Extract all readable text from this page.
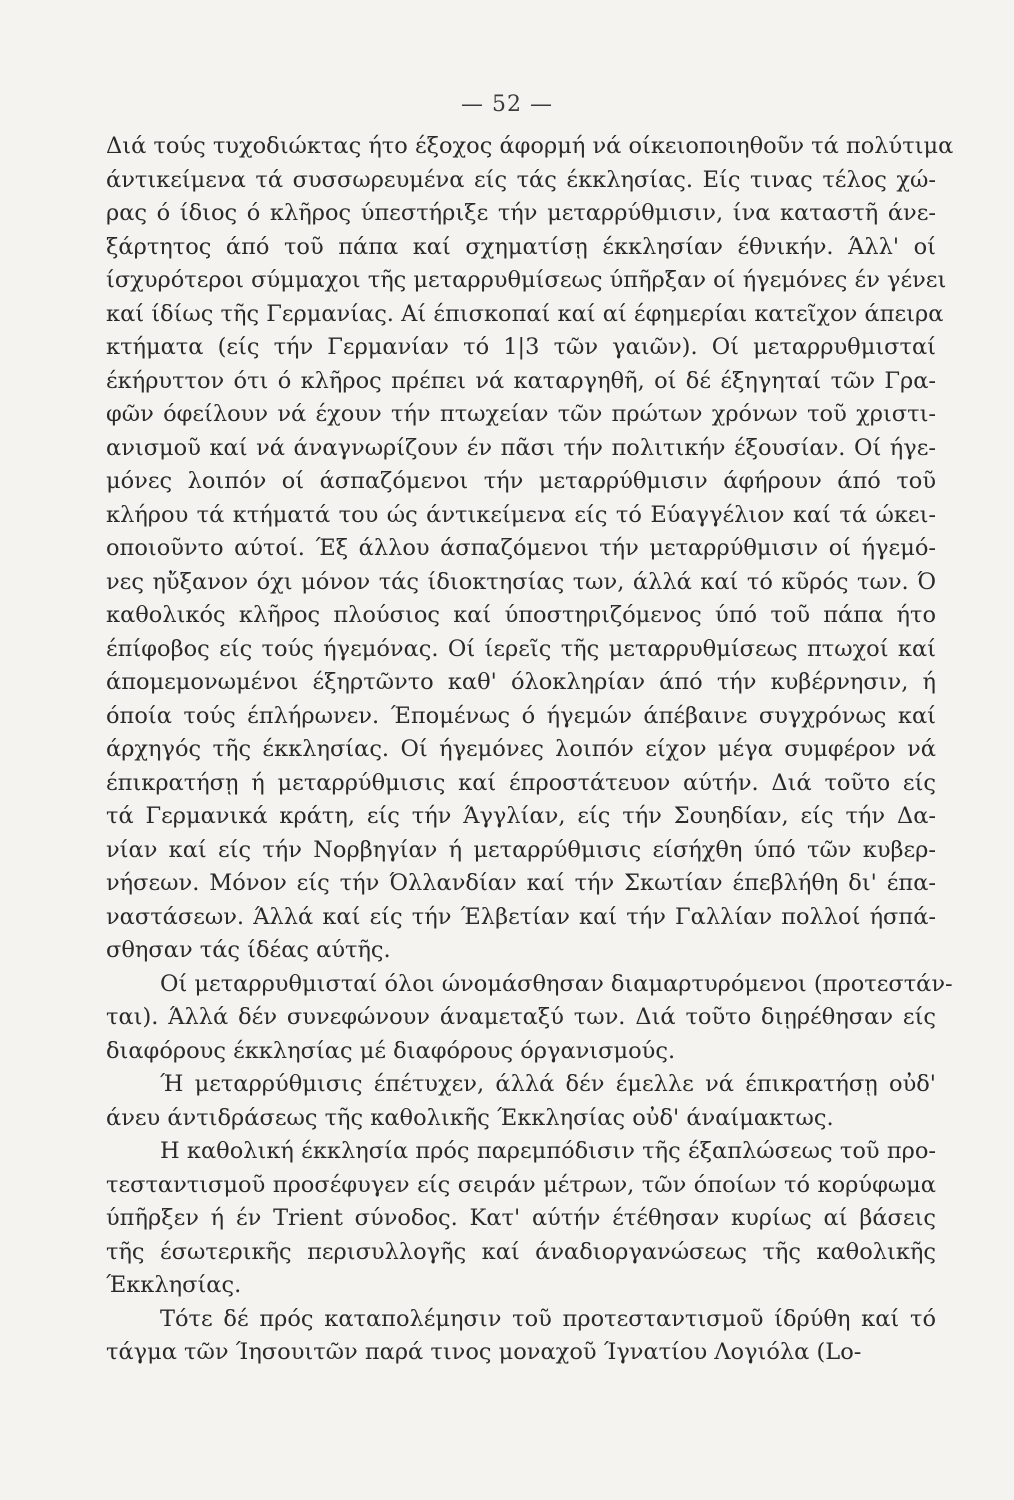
— 52 —
Διά τούς τυχοδιώκτας ήτο έξοχος άφορμή νά οίκειοποιηθοῦν τά πολύτιμα
άντικείμενα τά συσσωρευμένα είς τάς έκκλησίας. Είς τινας τέλος χώ-
ρας ό ίδιος ό κλῆρος ύπεστήριξε τήν μεταρρύθμισιν, ίνα καταστῆ άνε-
ξάρτητος άπό τοῦ πάπα καί σχηματίσῃ έκκλησίαν έθνικήν. Άλλ' οί
ίσχυρότεροι σύμμαχοι τῆς μεταρρυθμίσεως ύπῆρξαν οί ήγεμόνες έν γένει
καί ίδίως τῆς Γερμανίας. Αί έπισκοπαί καί αί έφημερίαι κατεῖχον άπειρα
κτήματα (είς τήν Γερμανίαν τό 1|3 τῶν γαιῶν). Οί μεταρρυθμισταί
έκήρυττον ότι ό κλῆρος πρέπει νά καταργηθῆ, οί δέ έξηγηταί τῶν Γρα-
φῶν όφείλουν νά έχουν τήν πτωχείαν τῶν πρώτων χρόνων τοῦ χριστι-
ανισμοῦ καί νά άναγνωρίζουν έν πᾶσι τήν πολιτικήν έξουσίαν. Οί ήγε-
μόνες λοιπόν οί άσπαζόμενοι τήν μεταρρύθμισιν άφήρουν άπό τοῦ
κλήρου τά κτήματά του ώς άντικείμενα είς τό Εύαγγέλιον καί τά ώκει-
οποιοῦντο αύτοί. Έξ άλλου άσπαζόμενοι τήν μεταρρύθμισιν οί ήγεμό-
νες ηὔξανον όχι μόνον τάς ίδιοκτησίας των, άλλά καί τό κῦρός των. Ό
καθολικός κλῆρος πλούσιος καί ύποστηριζόμενος ύπό τοῦ πάπα ήτο
έπίφοβος είς τούς ήγεμόνας. Οί ίερεῖς τῆς μεταρρυθμίσεως πτωχοί καί
άπομεμονωμένοι έξηρτῶντο καθ' όλοκληρίαν άπό τήν κυβέρνησιν, ή
όποία τούς έπλήρωνεν. Έπομένως ό ήγεμών άπέβαινε συγχρόνως καί
άρχηγός τῆς έκκλησίας. Οί ήγεμόνες λοιπόν είχον μέγα συμφέρον νά
έπικρατήσῃ ή μεταρρύθμισις καί έπροστάτευον αύτήν. Διά τοῦτο είς
τά Γερμανικά κράτη, είς τήν Άγγλίαν, είς τήν Σουηδίαν, είς τήν Δα-
νίαν καί είς τήν Νορβηγίαν ή μεταρρύθμισις είσήχθη ύπό τῶν κυβερ-
νήσεων. Μόνον είς τήν Όλλανδίαν καί τήν Σκωτίαν έπεβλήθη δι' έπα-
ναστάσεων. Άλλά καί είς τήν Έλβετίαν καί τήν Γαλλίαν πολλοί ήσπά-
σθησαν τάς ίδέας αύτῆς.
Οί μεταρρυθμισταί όλοι ώνομάσθησαν διαμαρτυρόμενοι (προτεστάν-
ται). Άλλά δέν συνεφώνουν άναμεταξύ των. Διά τοῦτο διῃρέθησαν είς
διαφόρους έκκλησίας μέ διαφόρους όργανισμούς.
Ή μεταρρύθμισις έπέτυχεν, άλλά δέν έμελλε νά έπικρατήσῃ οὐδ'
άνευ άντιδράσεως τῆς καθολικῆς Έκκλησίας οὐδ' άναίμακτως.
Η καθολική έκκλησία πρός παρεμπόδισιν τῆς έξαπλώσεως τοῦ προ-
τεσταντισμοῦ προσέφυγεν είς σειράν μέτρων, τῶν όποίων τό κορύφωμα
ύπῆρξεν ή έν Trient σύνοδος. Κατ' αύτήν έτέθησαν κυρίως αί βάσεις
τῆς έσωτερικῆς περισυλλογῆς καί άναδιοργανώσεως τῆς καθολικῆς
Έκκλησίας.
Τότε δέ πρός καταπολέμησιν τοῦ προτεσταντισμοῦ ίδρύθη καί τό
τάγμα τῶν Ίησουιτῶν παρά τινος μοναχοῦ Ίγνατίου Λογιόλα (Lo-
